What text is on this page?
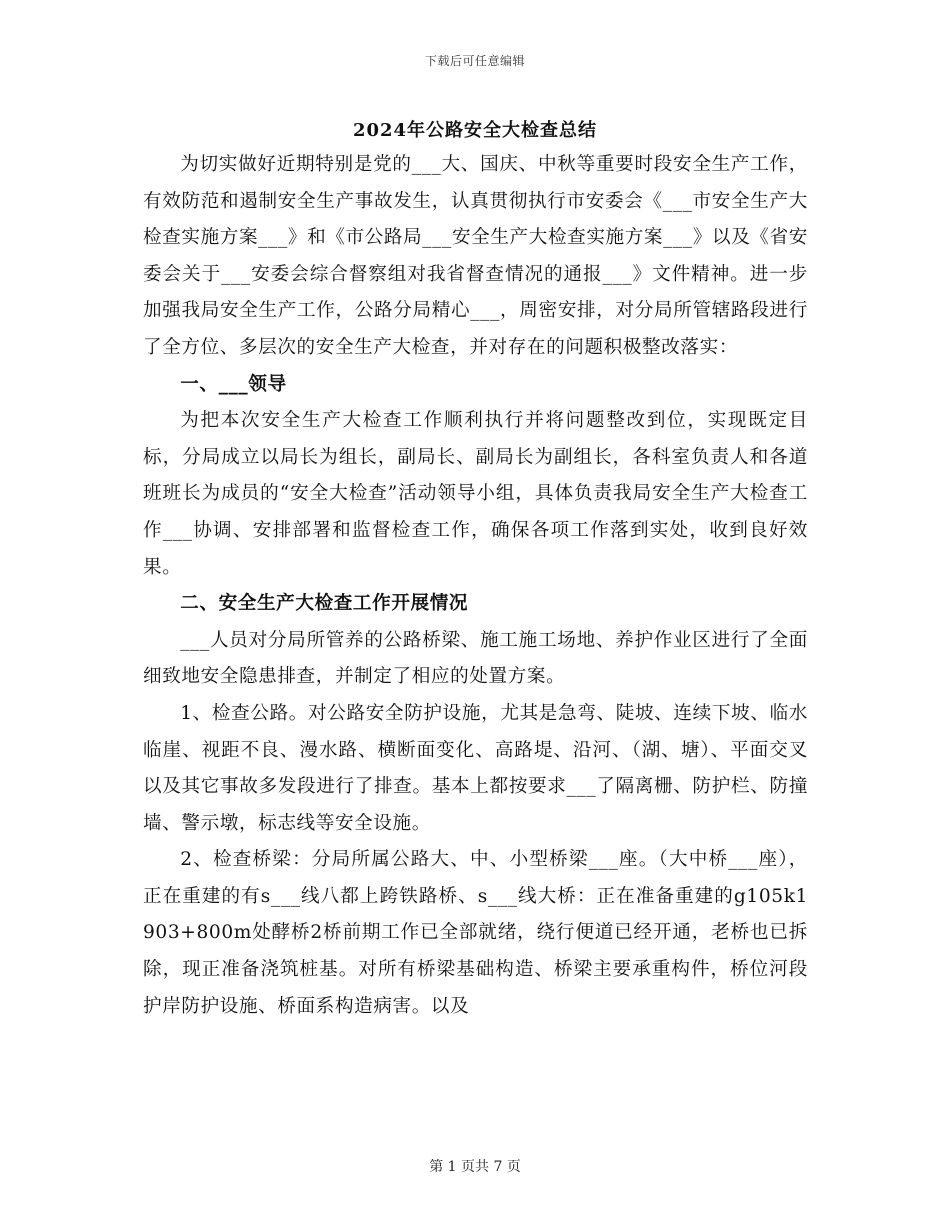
下载后可任意编辑
2024年公路安全大检查总结

为切实做好近期特别是党的___大、国庆、中秋等重要时段安全生产工作，有效防范和遏制安全生产事故发生，认真贯彻执行市安委会《___市安全生产大检查实施方案___》和《市公路局___安全生产大检查实施方案___》以及《省安委会关于___安委会综合督察组对我省督查情况的通报___》文件精神。进一步加强我局安全生产工作，公路分局精心___，周密安排，对分局所管辖路段进行了全方位、多层次的安全生产大检查，并对存在的问题积极整改落实：

一、___领导

为把本次安全生产大检查工作顺利执行并将问题整改到位，实现既定目标，分局成立以局长为组长，副局长、副局长为副组长，各科室负责人和各道班班长为成员的“安全大检查”活动领导小组，具体负责我局安全生产大检查工作___协调、安排部署和监督检查工作，确保各项工作落到实处，收到良好效果。

二、安全生产大检查工作开展情况

___人员对分局所管养的公路桥梁、施工施工场地、养护作业区进行了全面细致地安全隐患排查，并制定了相应的处置方案。

1、检查公路。对公路安全防护设施，尤其是急弯、陡坡、连续下坡、临水临崖、视距不良、漫水路、横断面变化、高路堤、沿河、（湖、塘）、平面交叉以及其它事故多发段进行了排查。基本上都按要求___了隔离栅、防护栏、防撞墙、警示墩，标志线等安全设施。

2、检查桥梁：分局所属公路大、中、小型桥梁___座。（大中桥___座），正在重建的有s___线八都上跨铁路桥、s___线大桥：正在准备重建的g105k1903+800m处酵桥2桥前期工作已全部就绪，绕行便道已经开通，老桥也已拆除，现正准备浇筑桩基。对所有桥梁基础构造、桥梁主要承重构件，桥位河段护岸防护设施、桥面系构造病害。以及

第 1 页共 7 页
